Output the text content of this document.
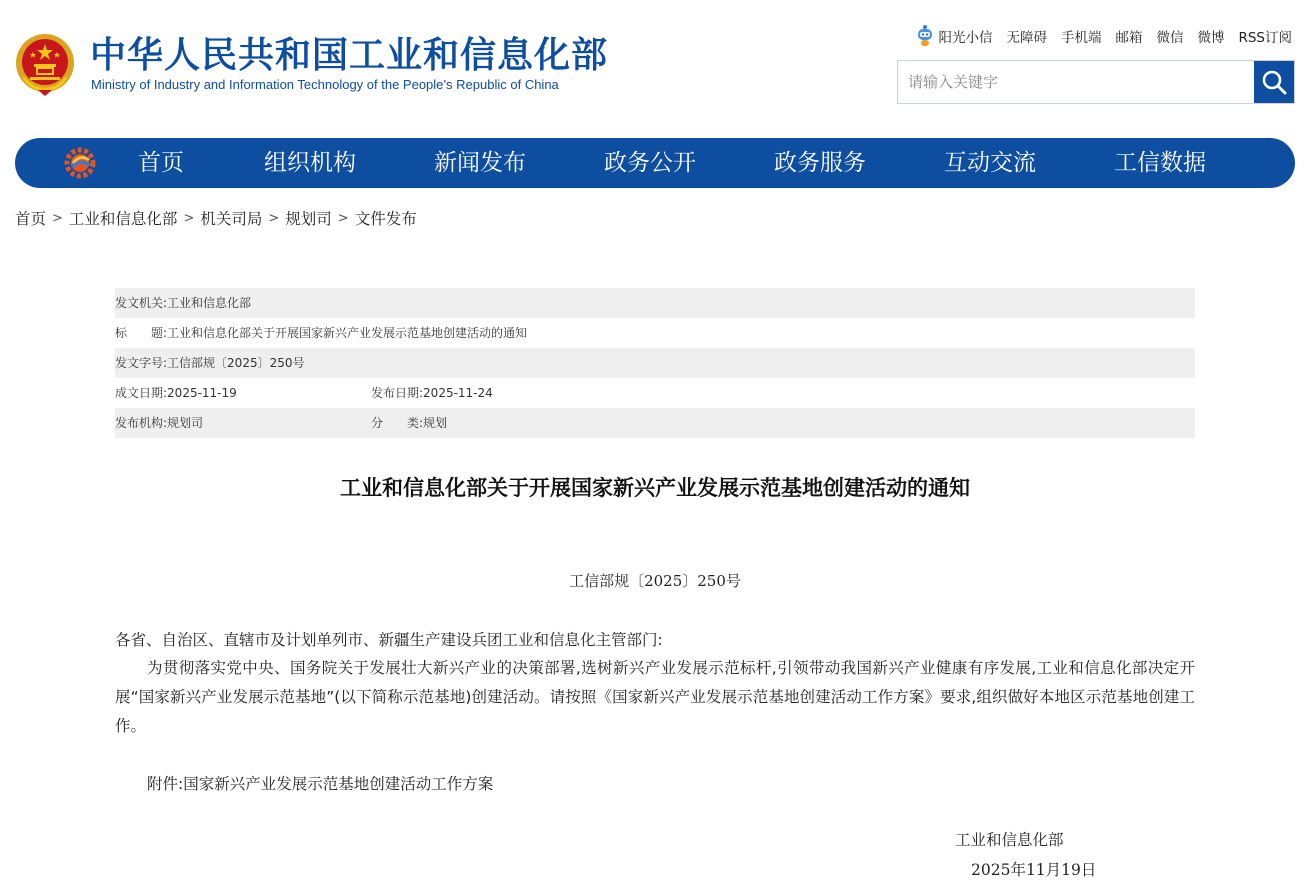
中华人民共和国工业和信息化部
Ministry of Industry and Information Technology of the People’s Republic of China
阳光小信 无障碍 手机端 邮箱 微信 微博 RSS订阅
请输入关键字
首页	组织机构	新闻发布	政务公开	政务服务	互动交流	工信数据
首页 > 工业和信息化部 > 机关司局 > 规划司 > 文件发布
发文机关:工业和信息化部
标　　题:工业和信息化部关于开展国家新兴产业发展示范基地创建活动的通知
发文字号:工信部规〔2025〕250号
成文日期:2025-11-19	发布日期:2025-11-24
发布机构:规划司	分　　类:规划
工业和信息化部关于开展国家新兴产业发展示范基地创建活动的通知
工信部规〔2025〕250号
各省、自治区、直辖市及计划单列市、新疆生产建设兵团工业和信息化主管部门:
为贯彻落实党中央、国务院关于发展壮大新兴产业的决策部署,选树新兴产业发展示范标杆,引领带动我国新兴产业健康有序发展,工业和信息化部决定开展“国家新兴产业发展示范基地”(以下简称示范基地)创建活动。请按照《国家新兴产业发展示范基地创建活动工作方案》要求,组织做好本地区示范基地创建工作。
附件:国家新兴产业发展示范基地创建活动工作方案
工业和信息化部
2025年11月19日
